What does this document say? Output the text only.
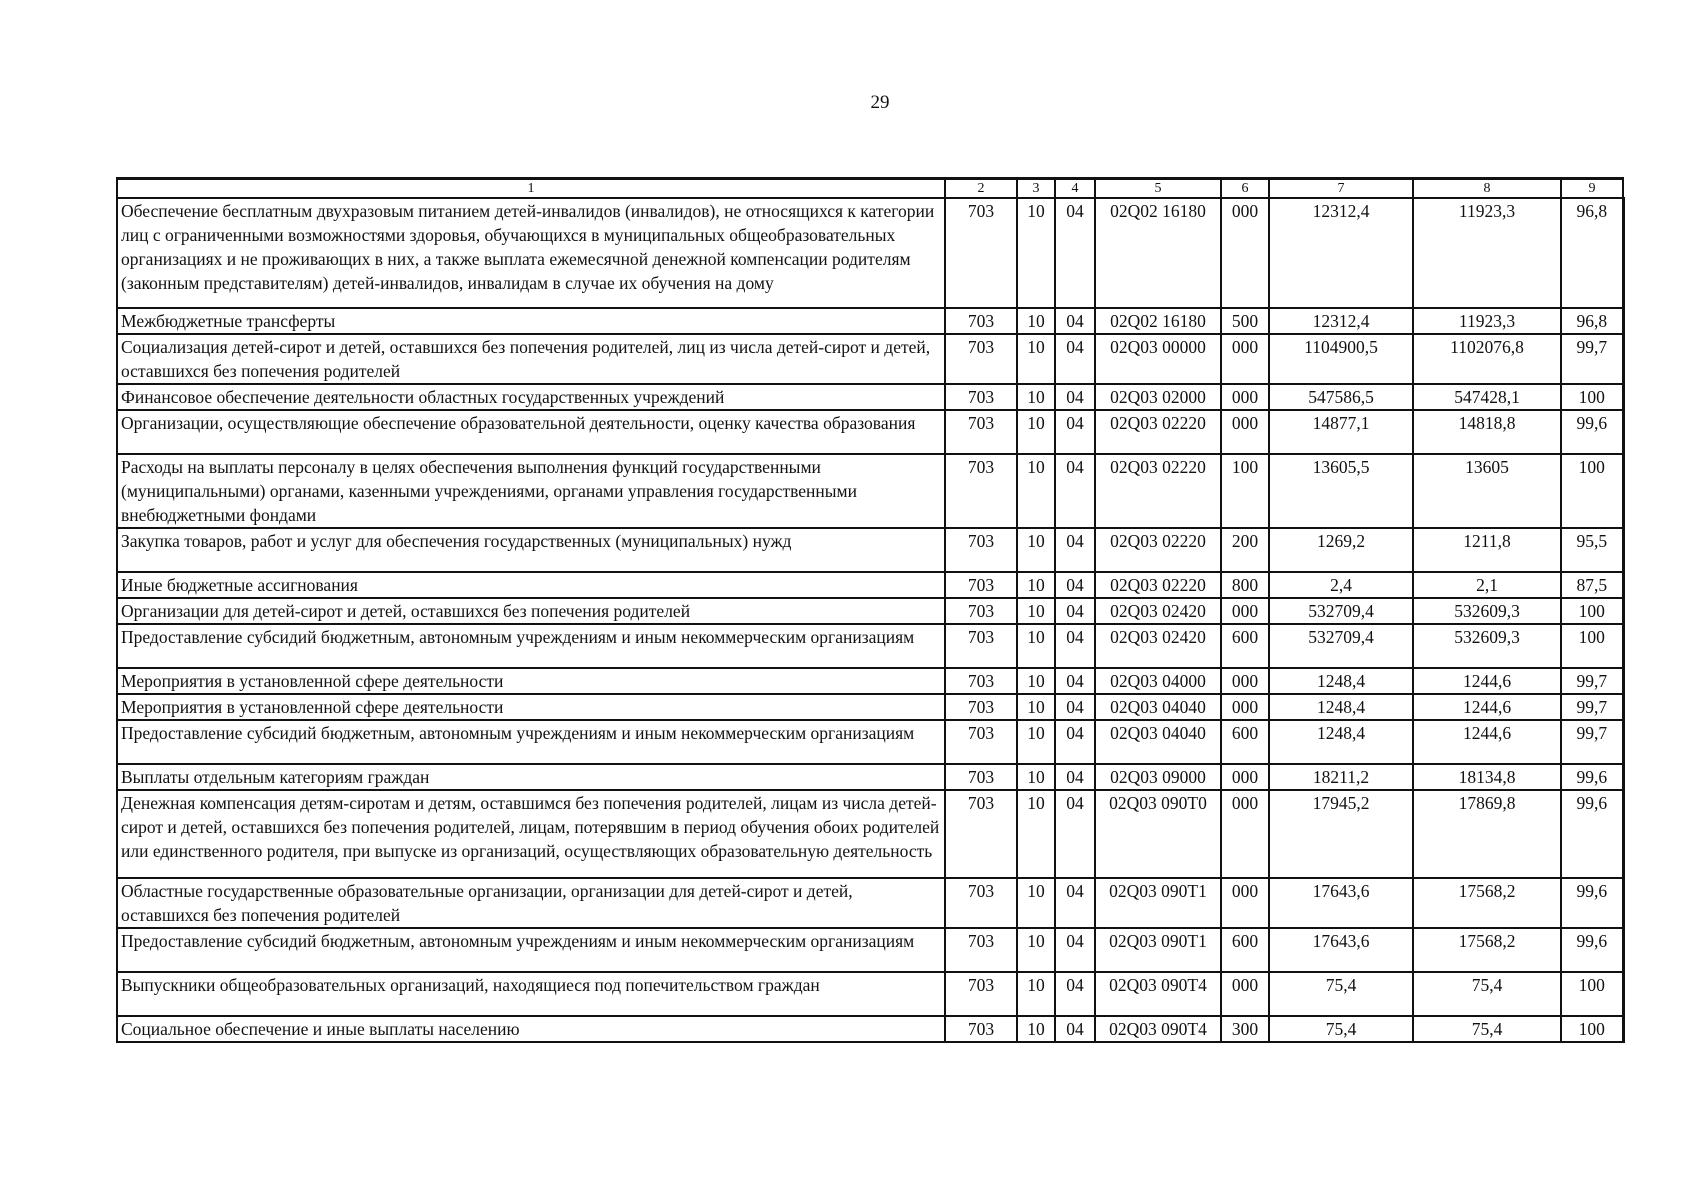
29
1	2	3	4	5	6	7	8	9
Обеспечение бесплатным двухразовым питанием детей-инвалидов (инвалидов), не относящихся к категории лиц с ограниченными возможностями здоровья, обучающихся в муниципальных общеобразовательных организациях и не проживающих в них, а также выплата ежемесячной денежной компенсации родителям (законным представителям) детей-инвалидов, инвалидам в случае их обучения на дому	703	10	04	02Q02 16180	000	12312,4	11923,3	96,8
Межбюджетные трансферты	703	10	04	02Q02 16180	500	12312,4	11923,3	96,8
Социализация детей-сирот и детей, оставшихся без попечения родителей, лиц из числа детей-сирот и детей, оставшихся без попечения родителей	703	10	04	02Q03 00000	000	1104900,5	1102076,8	99,7
Финансовое обеспечение деятельности областных государственных учреждений	703	10	04	02Q03 02000	000	547586,5	547428,1	100
Организации, осуществляющие обеспечение образовательной деятельности, оценку качества образования	703	10	04	02Q03 02220	000	14877,1	14818,8	99,6
Расходы на выплаты персоналу в целях обеспечения выполнения функций государственными (муниципальными) органами, казенными учреждениями, органами управления государственными внебюджетными фондами	703	10	04	02Q03 02220	100	13605,5	13605	100
Закупка товаров, работ и услуг для обеспечения государственных (муниципальных) нужд	703	10	04	02Q03 02220	200	1269,2	1211,8	95,5
Иные бюджетные ассигнования	703	10	04	02Q03 02220	800	2,4	2,1	87,5
Организации для детей-сирот и детей, оставшихся без попечения родителей	703	10	04	02Q03 02420	000	532709,4	532609,3	100
Предоставление субсидий бюджетным, автономным учреждениям и иным некоммерческим организациям	703	10	04	02Q03 02420	600	532709,4	532609,3	100
Мероприятия в установленной сфере деятельности	703	10	04	02Q03 04000	000	1248,4	1244,6	99,7
Мероприятия в установленной сфере деятельности	703	10	04	02Q03 04040	000	1248,4	1244,6	99,7
Предоставление субсидий бюджетным, автономным учреждениям и иным некоммерческим организациям	703	10	04	02Q03 04040	600	1248,4	1244,6	99,7
Выплаты отдельным категориям граждан	703	10	04	02Q03 09000	000	18211,2	18134,8	99,6
Денежная компенсация детям-сиротам и детям, оставшимся без попечения родителей, лицам из числа детей-сирот и детей, оставшихся без попечения родителей, лицам, потерявшим в период обучения обоих родителей или единственного родителя, при выпуске из организаций, осуществляющих образовательную деятельность	703	10	04	02Q03 090T0	000	17945,2	17869,8	99,6
Областные государственные образовательные организации, организации для детей-сирот и детей, оставшихся без попечения родителей	703	10	04	02Q03 090T1	000	17643,6	17568,2	99,6
Предоставление субсидий бюджетным, автономным учреждениям и иным некоммерческим организациям	703	10	04	02Q03 090T1	600	17643,6	17568,2	99,6
Выпускники общеобразовательных организаций, находящиеся под попечительством граждан	703	10	04	02Q03 090T4	000	75,4	75,4	100
Социальное обеспечение и иные выплаты населению	703	10	04	02Q03 090T4	300	75,4	75,4	100
